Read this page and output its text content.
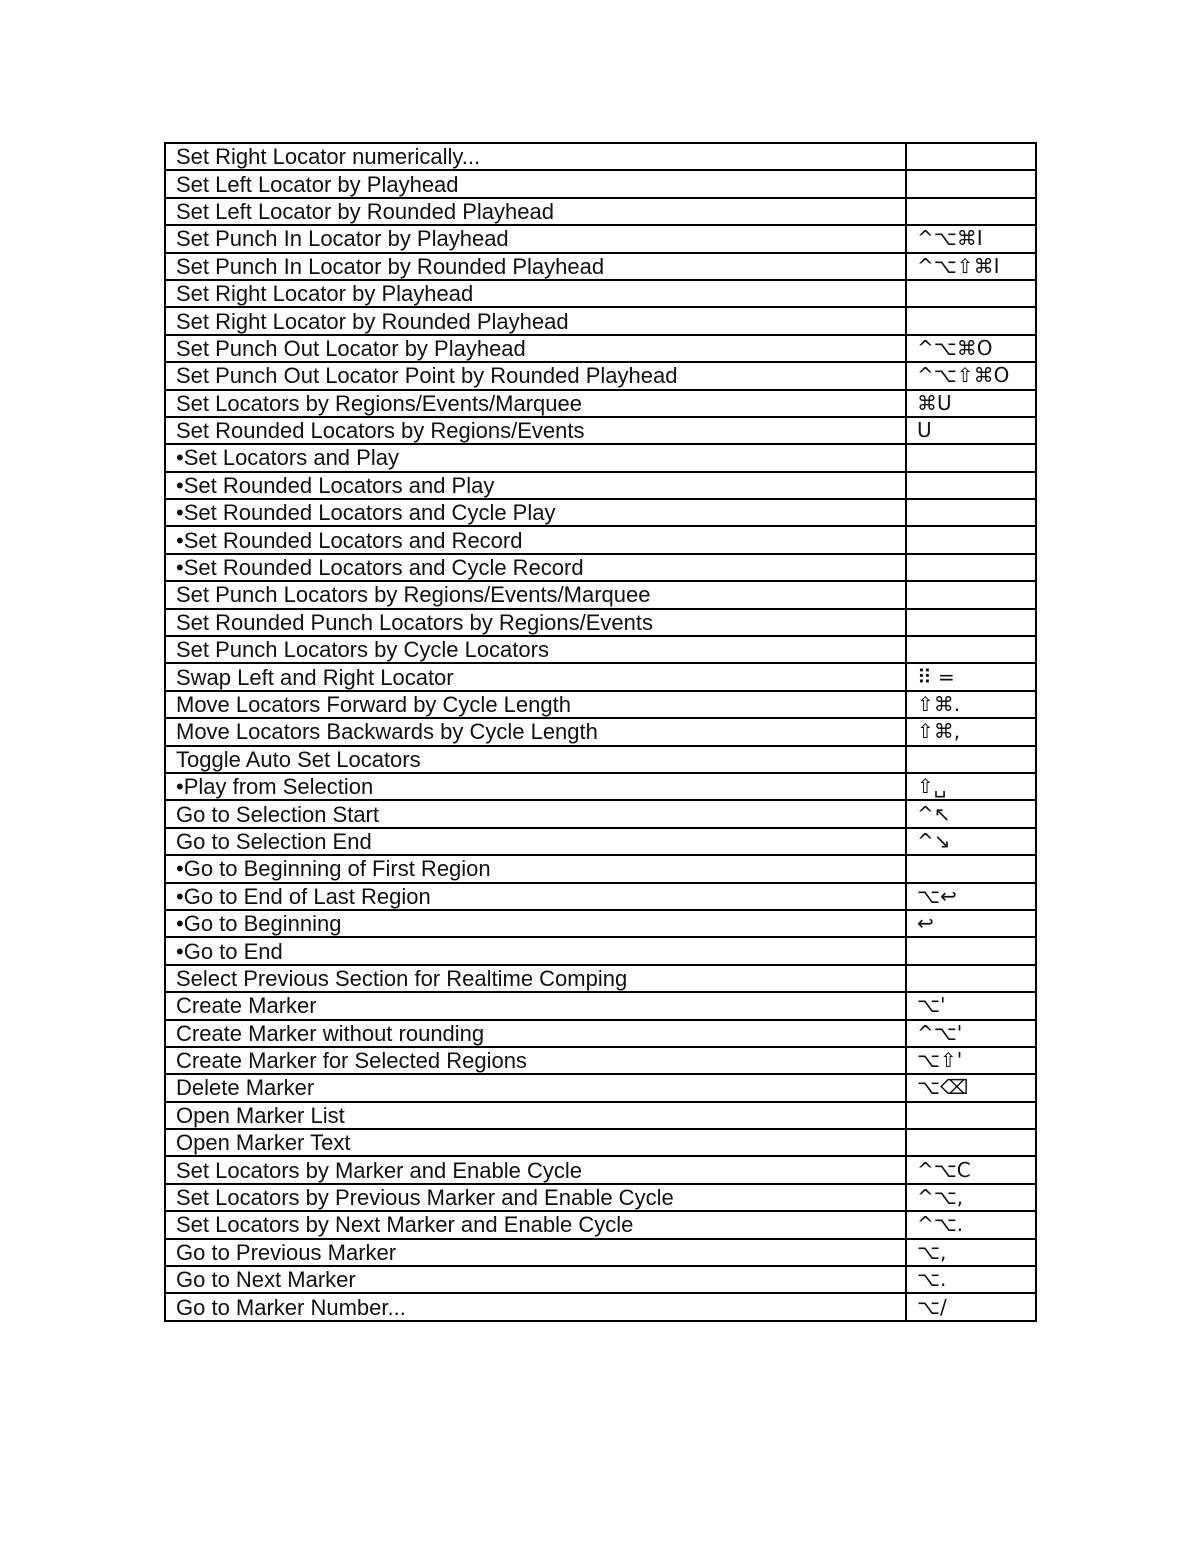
Set Right Locator numerically...	
Set Left Locator by Playhead	
Set Left Locator by Rounded Playhead	
Set Punch In Locator by Playhead	^⌥⌘I
Set Punch In Locator by Rounded Playhead	^⌥⇧⌘I
Set Right Locator by Playhead	
Set Right Locator by Rounded Playhead	
Set Punch Out Locator by Playhead	^⌥⌘O
Set Punch Out Locator Point by Rounded Playhead	^⌥⇧⌘O
Set Locators by Regions/Events/Marquee	⌘U
Set Rounded Locators by Regions/Events	U
•Set Locators and Play	
•Set Rounded Locators and Play	
•Set Rounded Locators and Cycle Play	
•Set Rounded Locators and Record	
•Set Rounded Locators and Cycle Record	
Set Punch Locators by Regions/Events/Marquee	
Set Rounded Punch Locators by Regions/Events	
Set Punch Locators by Cycle Locators	
Swap Left and Right Locator	⠿ =
Move Locators Forward by Cycle Length	⇧⌘.
Move Locators Backwards by Cycle Length	⇧⌘,
Toggle Auto Set Locators	
•Play from Selection	⇧␣
Go to Selection Start	^↖
Go to Selection End	^↘
•Go to Beginning of First Region	
•Go to End of Last Region	⌥↩
•Go to Beginning	↩
•Go to End	
Select Previous Section for Realtime Comping	
Create Marker	⌥'
Create Marker without rounding	^⌥'
Create Marker for Selected Regions	⌥⇧'
Delete Marker	⌥⌫
Open Marker List	
Open Marker Text	
Set Locators by Marker and Enable Cycle	^⌥C
Set Locators by Previous Marker and Enable Cycle	^⌥,
Set Locators by Next Marker and Enable Cycle	^⌥.
Go to Previous Marker	⌥,
Go to Next Marker	⌥.
Go to Marker Number...	⌥/
